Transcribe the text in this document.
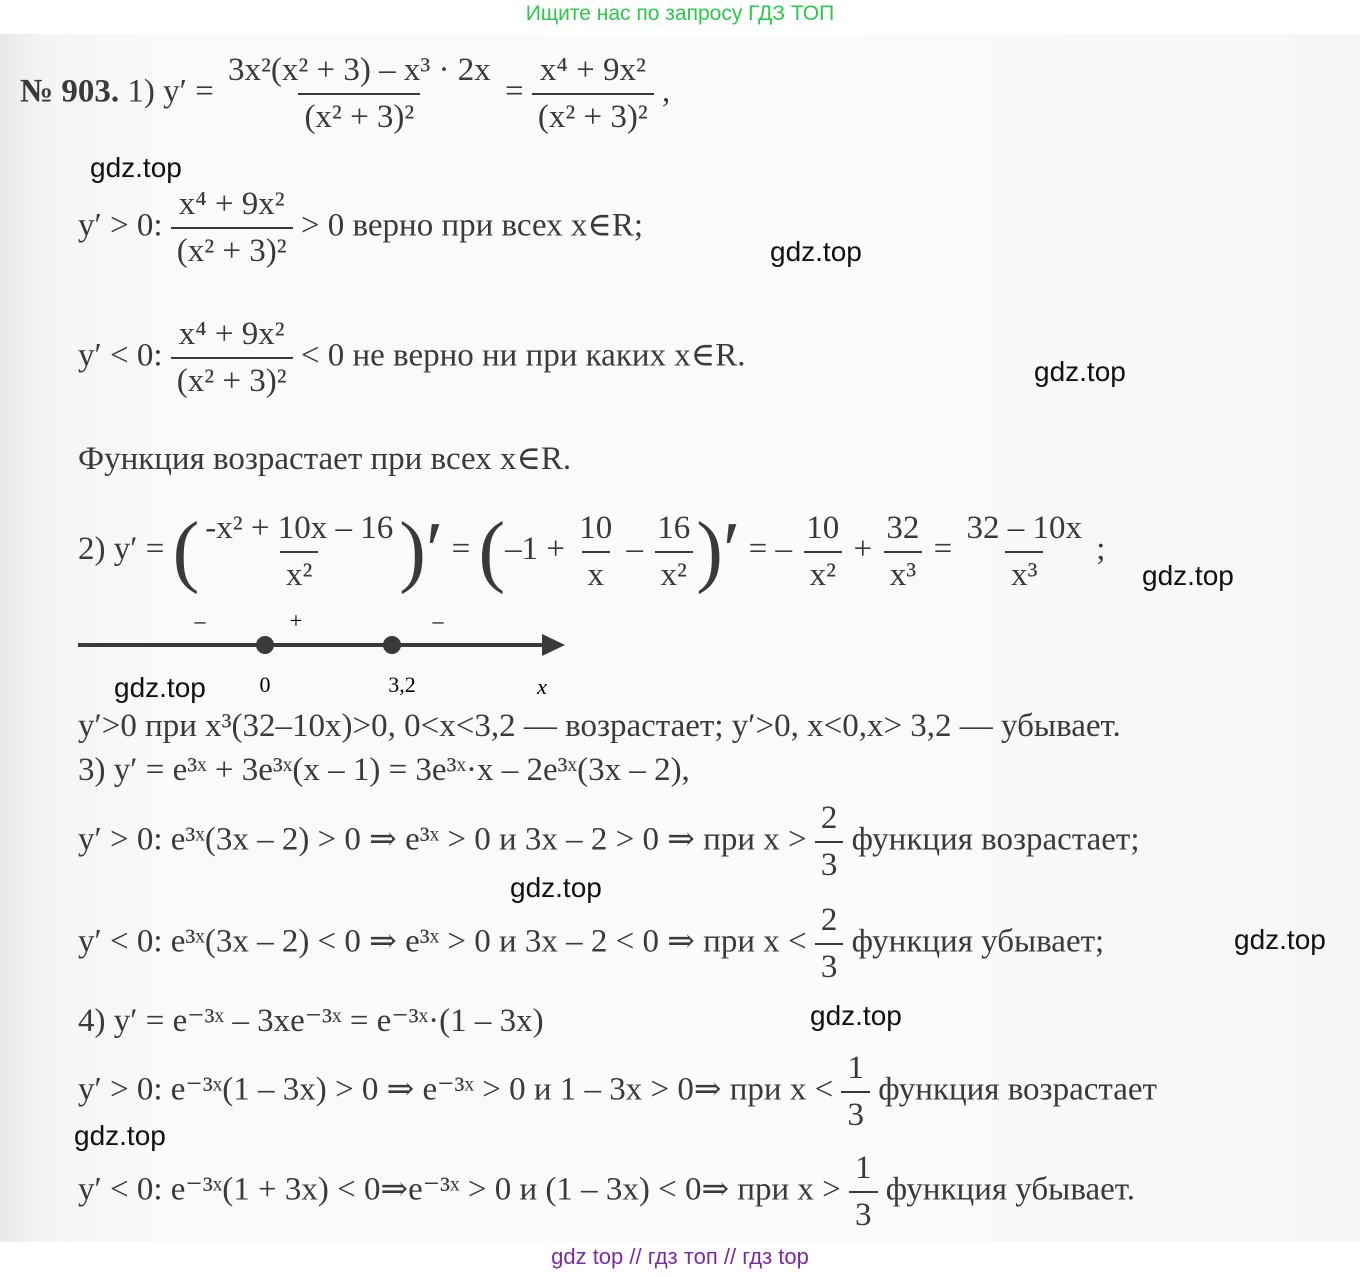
Ищите нас по запросу ГДЗ ТОП
№ 903. 1) $y' = \frac{\text{3x²(x² + 3) – x³ · 2x}}{\text{(x² + 3)²}} = \frac{\text{x⁴ + 9x²}}{\text{(x² + 3)²}}$ ,
y′ > 0: $\frac{\text{x⁴ + 9x²}}{\text{(x² + 3)²}} > 0$ верно при всех x∈R;
y′ < 0: $\frac{\text{x⁴ + 9x²}}{\text{(x² + 3)²}} < 0$ не верно ни при каких x∈R.
Функция возрастает при всех x∈R.
2) y′ = ( $\frac{\text{-x² + 10x – 16}}{\text{x²}}$ )′ = ($-1 + \frac{10}{x} - \frac{16}{\text{x²}}$ )′ = – $\frac{10}{\text{x²}} + \frac{32}{\text{x³}} = \frac{32 - 10x}{\text{x³}}$ ;
–	+	–
0	3,2	x
y′>0 при x³(32–10x)>0, 0<x<3,2 — возрастает; y′>0, x<0,x> 3,2 — убывает.
3) y′ = e³ˣ + 3e³ˣ(x – 1) = 3e³ˣ·x – 2e³ˣ(3x – 2),
y′ > 0: e³ˣ(3x – 2) > 0 ⇒ e³ˣ > 0 и 3x – 2 > 0 ⇒ при $x > \frac{2}{3}$ функция возрастает;
y′ < 0: e³ˣ(3x – 2) < 0 ⇒ e³ˣ > 0 и 3x – 2 < 0 ⇒ при $x < \frac{2}{3}$ функция убывает;
4) y′ = e⁻³ˣ – 3xe⁻³ˣ = e⁻³ˣ·(1 – 3x)
y′ > 0: e⁻³ˣ(1 – 3x) > 0 ⇒ e⁻³ˣ > 0 и 1 – 3x > 0⇒ при $x < \frac{1}{3}$ функция возрастает
y′ < 0: e⁻³ˣ(1 + 3x) < 0⇒e⁻³ˣ > 0 и (1 – 3x) < 0⇒ при $x > \frac{1}{3}$ функция убывает.
gdz.top
gdz.top
gdz.top
gdz.top
gdz.top
gdz.top
gdz.top
gdz.top
gdz.top
gdz top // гдз топ // гдз top
